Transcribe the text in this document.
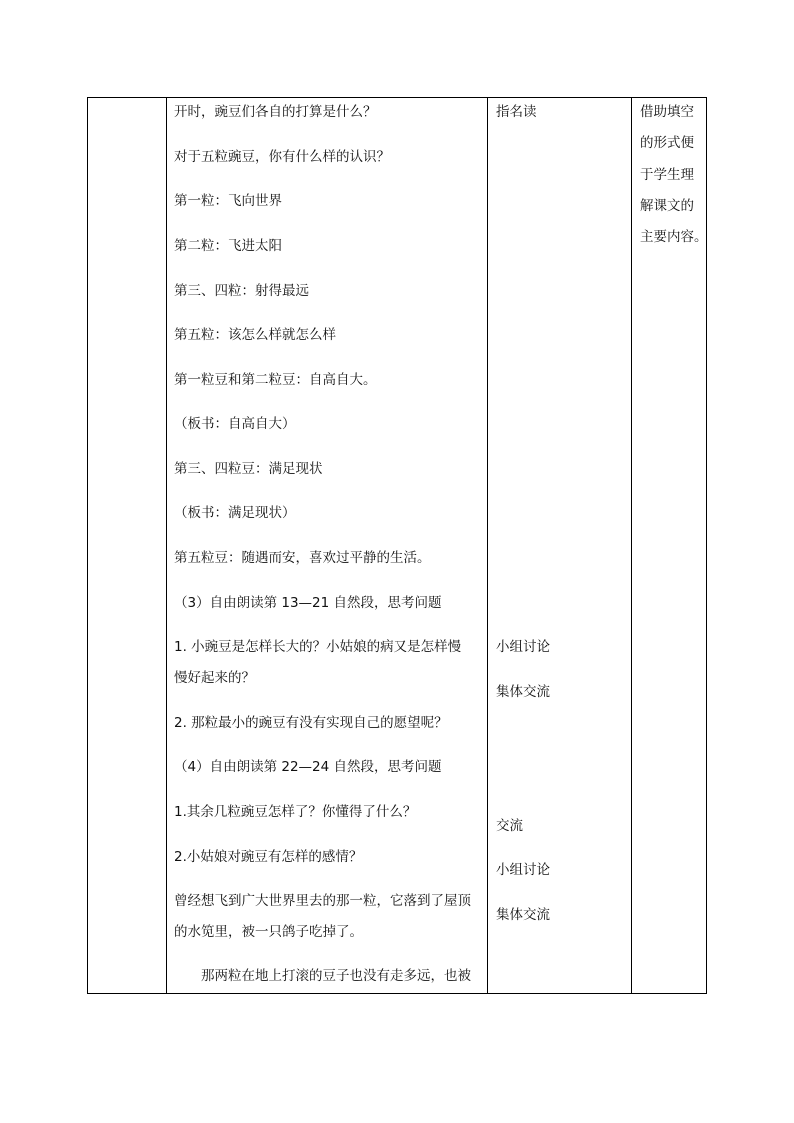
开时，豌豆们各自的打算是什么？
对于五粒豌豆，你有什么样的认识？
第一粒：飞向世界
第二粒：飞进太阳
第三、四粒：射得最远
第五粒：该怎么样就怎么样
第一粒豆和第二粒豆：自高自大。
（板书：自高自大）
第三、四粒豆：满足现状
（板书：满足现状）
第五粒豆：随遇而安，喜欢过平静的生活。
（3）自由朗读第 13—21 自然段，思考问题
1. 小豌豆是怎样长大的？小姑娘的病又是怎样慢
慢好起来的？
2. 那粒最小的豌豆有没有实现自己的愿望呢？
（4）自由朗读第 22—24 自然段，思考问题
1.其余几粒豌豆怎样了？你懂得了什么？
2.小姑娘对豌豆有怎样的感情？
曾经想飞到广大世界里去的那一粒，它落到了屋顶
的水笕里，被一只鸽子吃掉了。
那两粒在地上打滚的豆子也没有走多远，也被
指名读
小组讨论
集体交流
交流
小组讨论
集体交流
借助填空
的形式便
于学生理
解课文的
主要内容。
